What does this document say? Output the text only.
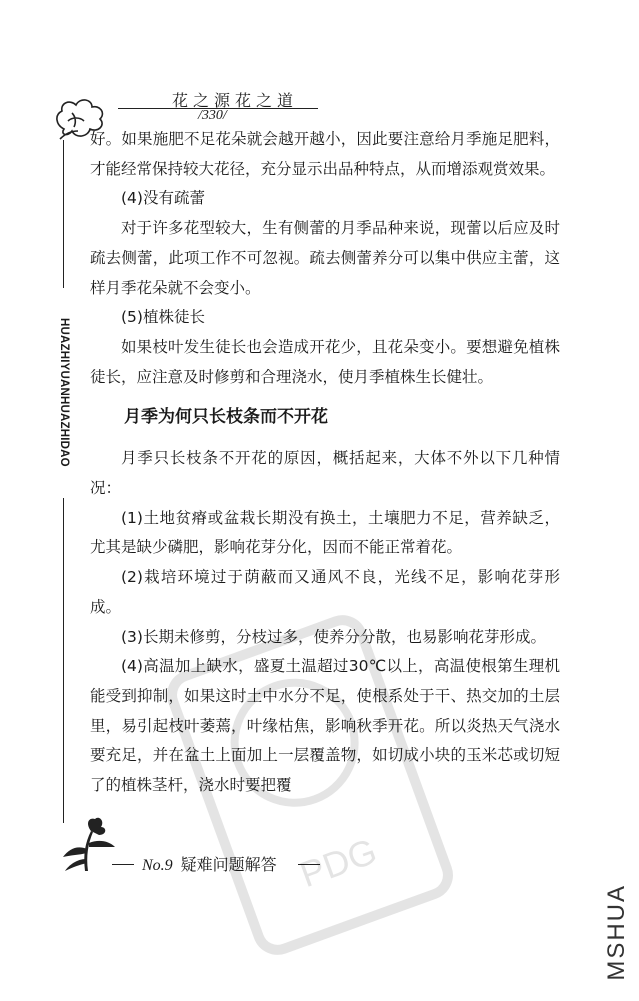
花之源花之道
/330/
HUAZHIYUANHUAZHIDAO

好。如果施肥不足花朵就会越开越小，因此要注意给月季施足肥料，才能经常保持较大花径，充分显示出品种特点，从而增添观赏效果。

(4)没有疏蕾

对于许多花型较大，生有侧蕾的月季品种来说，现蕾以后应及时疏去侧蕾，此项工作不可忽视。疏去侧蕾养分可以集中供应主蕾，这样月季花朵就不会变小。

(5)植株徒长

如果枝叶发生徒长也会造成开花少，且花朵变小。要想避免植株徒长，应注意及时修剪和合理浇水，使月季植株生长健壮。

月季为何只长枝条而不开花

月季只长枝条不开花的原因，概括起来，大体不外以下几种情况：

(1)土地贫瘠或盆栽长期没有换土，土壤肥力不足，营养缺乏，尤其是缺少磷肥，影响花芽分化，因而不能正常着花。

(2)栽培环境过于荫蔽而又通风不良，光线不足，影响花芽形成。

(3)长期未修剪，分枝过多，使养分分散，也易影响花芽形成。

(4)高温加上缺水，盛夏土温超过30℃以上，高温使根第生理机能受到抑制，如果这时土中水分不足，使根系处于干、热交加的土层里，易引起枝叶萎蔫，叶缘枯焦，影响秋季开花。所以炎热天气浇水要充足，并在盆土上面加上一层覆盖物，如切成小块的玉米芯或切短了的植株茎杆，浇水时要把覆

No.9 疑难问题解答 PDG
MSHUA
